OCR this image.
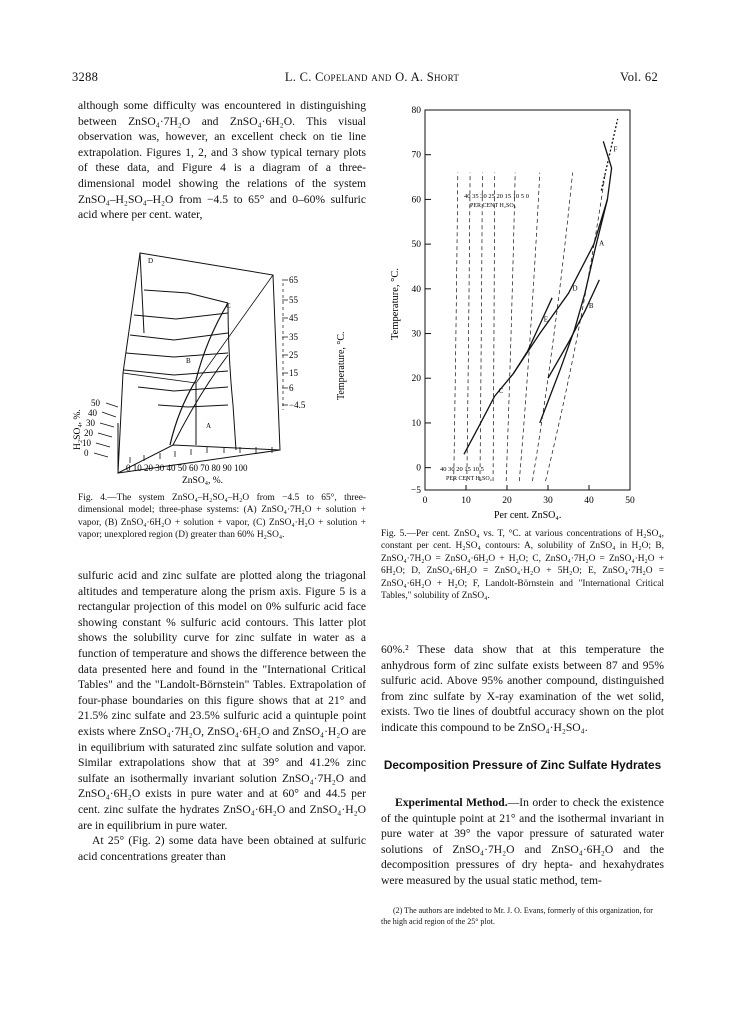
3288	L. C. Copeland and O. A. Short	Vol. 62

although some difficulty was encountered in distinguishing between ZnSO₄·7H₂O and ZnSO₄·6H₂O. This visual observation was, however, an excellent check on tie line extrapolation. Figures 1, 2, and 3 show typical ternary plots of these data, and Figure 4 is a diagram of a three-dimensional model showing the relations of the system ZnSO₄–H₂SO₄–H₂O from −4.5 to 65° and 0–60% sulfuric acid where per cent. water,

65
55
45
35
25
15
6
−4.5
Temperature, °C.
50
40
30
20
10
0
H₂SO₄, %.
0 10 20 30 40 50 60 70 80 90 100
ZnSO₄, %.
A
B
C
D
Fig. 4.—The system ZnSO₄–H₂SO₄–H₂O from −4.5 to 65°, three-dimensional model; three-phase systems: (A) ZnSO₄·7H₂O + solution + vapor, (B) ZnSO₄·6H₂O + solution + vapor, (C) ZnSO₄·H₂O + solution + vapor; unexplored region (D) greater than 60% H₂SO₄.

sulfuric acid and zinc sulfate are plotted along the triagonal altitudes and temperature along the prism axis. Figure 5 is a rectangular projection of this model on 0% sulfuric acid face showing constant % sulfuric acid contours. This latter plot shows the solubility curve for zinc sulfate in water as a function of temperature and shows the difference between the data presented here and found in the "International Critical Tables" and the "Landolt-Börnstein" Tables. Extrapolation of four-phase boundaries on this figure shows that at 21° and 21.5% zinc sulfate and 23.5% sulfuric acid a quintuple point exists where ZnSO₄·7H₂O, ZnSO₄·6H₂O and ZnSO₄·H₂O are in equilibrium with saturated zinc sulfate solution and vapor. Similar extrapolations show that at 39° and 41.2% zinc sulfate an isothermally invariant solution ZnSO₄·7H₂O and ZnSO₄·6H₂O exists in pure water and at 60° and 44.5 per cent. zinc sulfate the hydrates ZnSO₄·6H₂O and ZnSO₄·H₂O are in equilibrium in pure water.

At 25° (Fig. 2) some data have been obtained at sulfuric acid concentrations greater than

−5
0
10
20
30
40
50
60
70
80
0	10	20	30	40	50
40 35 30 25 20 15 10 5 0
PER CENT H₂SO₄
40 30 20 15 10 5
PER CENT H₂SO₄
Per cent. ZnSO₄.
Temperature, °C.
A
B
C
D
E
F
Fig. 5.—Per cent. ZnSO₄ vs. T, °C. at various concentrations of H₂SO₄, constant per cent. H₂SO₄ contours: A, solubility of ZnSO₄ in H₂O; B, ZnSO₄·7H₂O = ZnSO₄·6H₂O + H₂O; C, ZnSO₄·7H₂O = ZnSO₄·H₂O + 6H₂O; D, ZnSO₄·6H₂O = ZnSO₄·H₂O + 5H₂O; E, ZnSO₄·7H₂O = ZnSO₄·6H₂O + H₂O; F, Landolt-Börnstein and "International Critical Tables," solubility of ZnSO₄.

60%.² These data show that at this temperature the anhydrous form of zinc sulfate exists between 87 and 95% sulfuric acid. Above 95% another compound, distinguished from zinc sulfate by X-ray examination of the wet solid, exists. Two tie lines of doubtful accuracy shown on the plot indicate this compound to be ZnSO₄·H₂SO₄.

Decomposition Pressure of Zinc Sulfate Hydrates

Experimental Method.—In order to check the existence of the quintuple point at 21° and the isothermal invariant in pure water at 39° the vapor pressure of saturated water solutions of ZnSO₄·7H₂O and ZnSO₄·6H₂O and the decomposition pressures of dry hepta- and hexahydrates were measured by the usual static method, tem-

(2) The authors are indebted to Mr. J. O. Evans, formerly of this organization, for the high acid region of the 25° plot.
